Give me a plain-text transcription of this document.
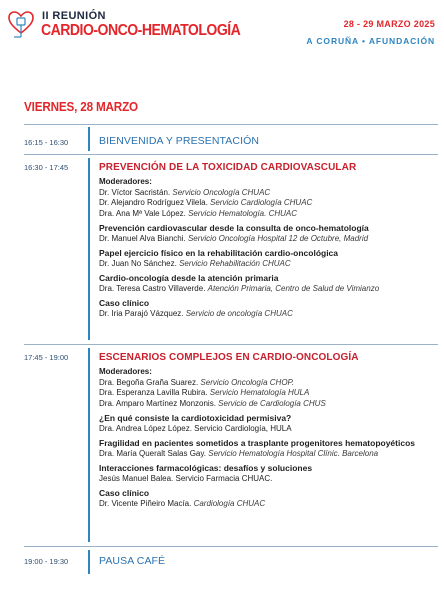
II REUNIÓN
CARDIO-ONCO-HEMATOLOGÍA	28 - 29 MARZO 2025
A CORUÑA • AFUNDACIÓN
VIERNES, 28 MARZO
16:15 - 16:30	BIENVENIDA Y PRESENTACIÓN
16:30 - 17:45	PREVENCIÓN DE LA TOXICIDAD CARDIOVASCULAR
Moderadores:
Dr. Víctor Sacristán. Servicio Oncología CHUAC
Dr. Alejandro Rodríguez Vilela. Servicio Cardiología CHUAC
Dra. Ana Mª Vale López. Servicio Hematología. CHUAC
Prevención cardiovascular desde la consulta de onco-hematología
Dr. Manuel Alva Bianchi. Servicio Oncología Hospital 12 de Octubre, Madrid
Papel ejercicio físico en la rehabilitación cardio-oncológica
Dr. Juan No Sánchez. Servicio Rehabilitación CHUAC
Cardio-oncología desde la atención primaria
Dra. Teresa Castro Villaverde. Atención Primaria, Centro de Salud de Vimianzo
Caso clínico
Dr. Iria Parajó Vázquez. Servicio de oncología CHUAC
17:45 - 19:00	ESCENARIOS COMPLEJOS EN CARDIO-ONCOLOGÍA
Moderadores:
Dra. Begoña Graña Suarez. Servicio Oncología CHOP.
Dra. Esperanza Lavilla Rubira. Servicio Hematología HULA
Dra. Amparo Martínez Monzonis. Servicio de Cardiología CHUS
¿En qué consiste la cardiotoxicidad permisiva?
Dra. Andrea López López. Servicio Cardiología, HULA
Fragilidad en pacientes sometidos a trasplante progenitores hematopoyéticos
Dra. María Queralt Salas Gay. Servicio Hematología Hospital Clínic. Barcelona
Interacciones farmacológicas: desafíos y soluciones
Jesús Manuel Balea. Servicio Farmacia CHUAC.
Caso clínico
Dr. Vicente Piñeiro Macía. Cardiología CHUAC
19:00 - 19:30	PAUSA CAFÉ
